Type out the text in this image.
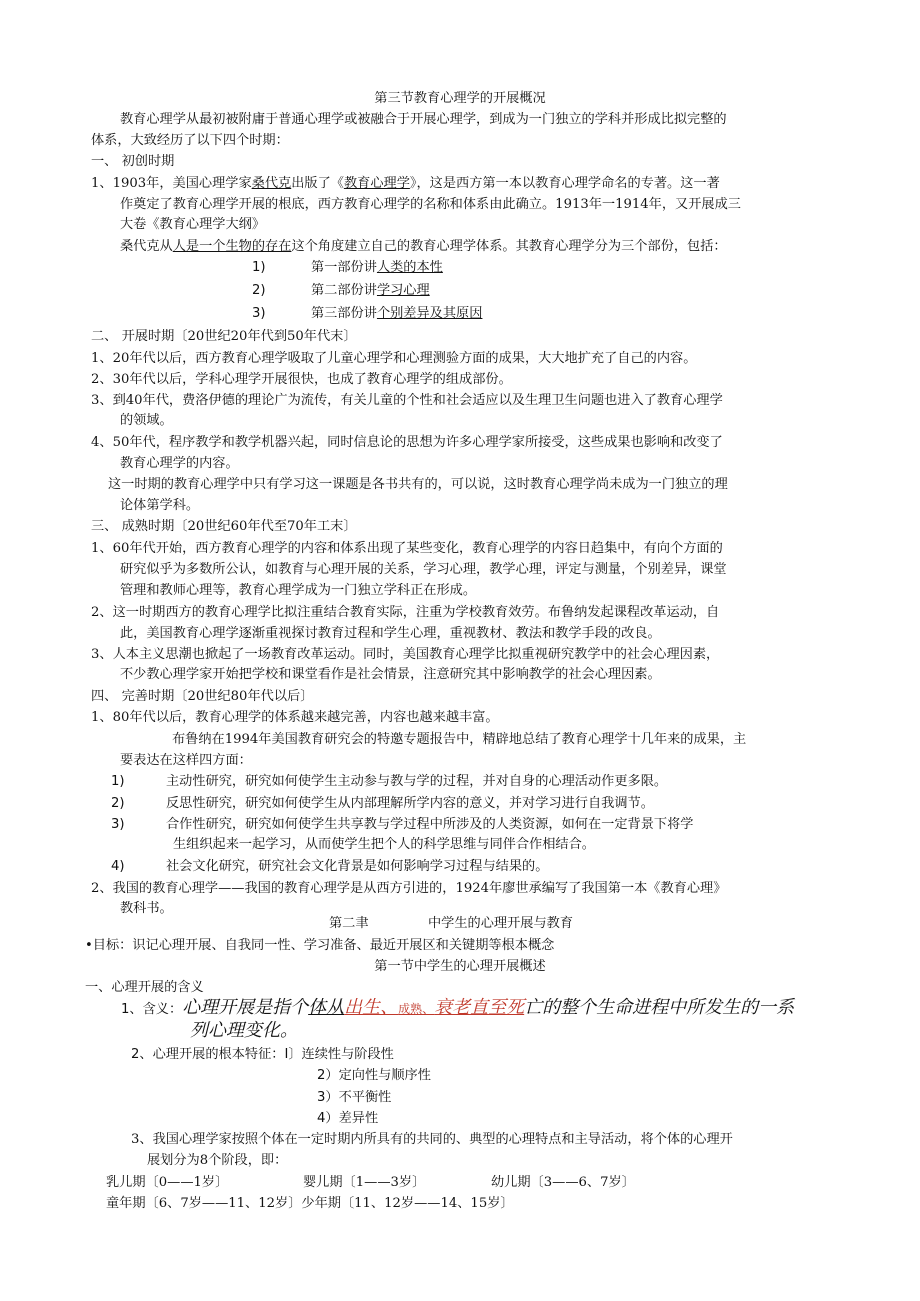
第三节教育心理学的开展概况
教育心理学从最初被附庸于普通心理学或被融合于开展心理学，到成为一门独立的学科并形成比拟完整的
体系，大致经历了以下四个时期：
一、 初创时期
1、1903年，美国心理学家桑代克出版了《教育心理学》，这是西方第一本以教育心理学命名的专著。这一著
作奠定了教育心理学开展的根底，西方教育心理学的名称和体系由此确立。1913年一1914年，又开展成三
大卷《教育心理学大纲》
桑代克从人是一个生物的存在这个角度建立自己的教育心理学体系。其教育心理学分为三个部份，包括：
1)	第一部份讲人类的本性
2)	第二部份讲学习心理
3)	第三部份讲个别差异及其原因
二、 开展时期〔20世纪20年代到50年代末〕
1、20年代以后，西方教育心理学吸取了儿童心理学和心理测验方面的成果，大大地扩充了自己的内容。
2、30年代以后，学科心理学开展很快，也成了教育心理学的组成部份。
3、到40年代，费洛伊德的理论广为流传，有关儿童的个性和社会适应以及生理卫生问题也进入了教育心理学
的领域。
4、50年代，程序教学和教学机器兴起，同时信息论的思想为许多心理学家所接受，这些成果也影响和改变了
教育心理学的内容。
这一时期的教育心理学中只有学习这一课题是各书共有的，可以说，这时教育心理学尚未成为一门独立的理
论体第学科。
三、 成熟时期〔20世纪60年代至70年工末〕
1、60年代开始，西方教育心理学的内容和体系出现了某些变化，教育心理学的内容日趋集中，有向个方面的
研究似乎为多数所公认，如教育与心理开展的关系，学习心理，教学心理，评定与测量，个别差异，课堂
管理和教师心理等，教育心理学成为一门独立学科正在形成。
2、这一时期西方的教育心理学比拟注重结合教育实际，注重为学校教育效劳。布鲁纳发起课程改革运动，自
此，美国教育心理学逐渐重视探讨教育过程和学生心理，重视教材、教法和教学手段的改良。
3、人本主义思潮也掀起了一场教育改革运动。同时，美国教育心理学比拟重视研究教学中的社会心理因素，
不少教心理学家开始把学校和课堂看作是社会情景，注意研究其中影响教学的社会心理因素。
四、 完善时期〔20世纪80年代以后〕
1、80年代以后，教育心理学的体系越来越完善，内容也越来越丰富。
布鲁纳在1994年美国教育研究会的特邀专题报告中，精辟地总结了教育心理学十几年来的成果，主
要表达在这样四方面：
1)	主动性研究，研究如何使学生主动参与教与学的过程，并对自身的心理活动作更多限。
2)	反思性研究，研究如何使学生从内部理解所学内容的意义，并对学习进行自我调节。
3)	合作性研究，研究如何使学生共享教与学过程中所涉及的人类资源，如何在一定背景下将学
生组织起来一起学习，从而使学生把个人的科学思维与同伴合作相结合。
4)	社会文化研究，研究社会文化背景是如何影响学习过程与结果的。
2、我国的教育心理学——我国的教育心理学是从西方引进的，1924年廖世承编写了我国第一本《教育心理》
教科书。
第二聿	中学生的心理开展与教育
•目标：识记心理开展、自我同一性、学习准备、最近开展区和关键期等根本概念
第一节中学生的心理开展概述
一、心理开展的含义
1、含义：心理开展是指个体从出生、成熟、衰老直至死亡的整个生命进程中所发生的一系
列心理变化。
2、心理开展的根本特征：I〕连续性与阶段性
2）定向性与顺序性
3）不平衡性
4）差异性
3、我国心理学家按照个体在一定时期内所具有的共同的、典型的心理特点和主导活动，将个体的心理开
展划分为8个阶段，即：
乳儿期〔0——1岁〕	婴儿期〔1——3岁〕	幼儿期〔3——6、7岁〕
童年期〔6、7岁——11、12岁〕少年期〔11、12岁——14、15岁〕
